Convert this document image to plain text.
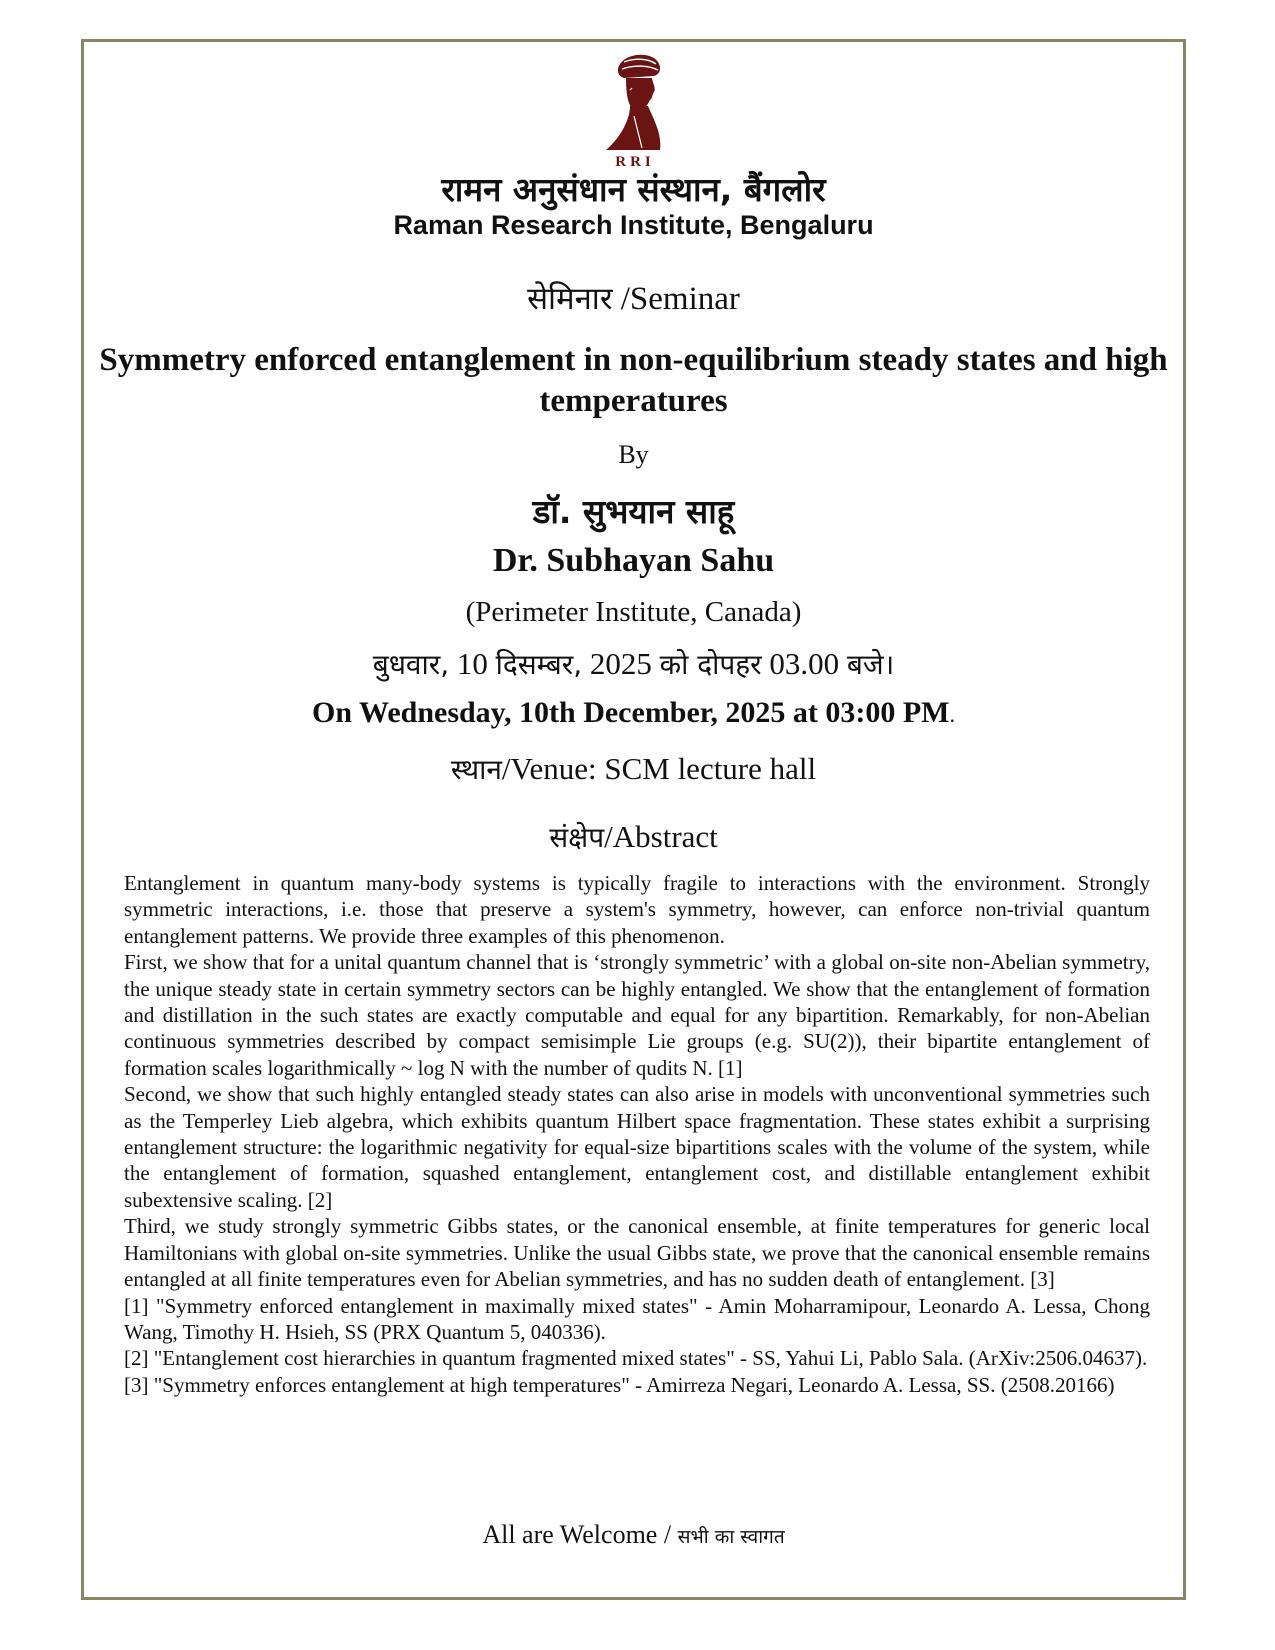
RRI
रामन अनुसंधान संस्थान, बैंगलोर
Raman Research Institute, Bengaluru
सेमिनार /Seminar
Symmetry enforced entanglement in non-equilibrium steady states and high temperatures
By
डॉ. सुभयान साहू
Dr. Subhayan Sahu
(Perimeter Institute, Canada)
बुधवार, 10 दिसम्बर, 2025 को दोपहर 03.00 बजे।
On Wednesday, 10th December, 2025 at 03:00 PM.
स्थान/Venue: SCM lecture hall
संक्षेप/Abstract

Entanglement in quantum many-body systems is typically fragile to interactions with the environment. Strongly symmetric interactions, i.e. those that preserve a system's symmetry, however, can enforce non-trivial quantum entanglement patterns. We provide three examples of this phenomenon.

First, we show that for a unital quantum channel that is ‘strongly symmetric’ with a global on-site non-Abelian symmetry, the unique steady state in certain symmetry sectors can be highly entangled. We show that the entanglement of formation and distillation in the such states are exactly computable and equal for any bipartition. Remarkably, for non-Abelian continuous symmetries described by compact semisimple Lie groups (e.g. SU(2)), their bipartite entanglement of formation scales logarithmically ~ log N with the number of qudits N. [1]

Second, we show that such highly entangled steady states can also arise in models with unconventional symmetries such as the Temperley Lieb algebra, which exhibits quantum Hilbert space fragmentation. These states exhibit a surprising entanglement structure: the logarithmic negativity for equal-size bipartitions scales with the volume of the system, while the entanglement of formation, squashed entanglement, entanglement cost, and distillable entanglement exhibit subextensive scaling. [2]

Third, we study strongly symmetric Gibbs states, or the canonical ensemble, at finite temperatures for generic local Hamiltonians with global on-site symmetries. Unlike the usual Gibbs state, we prove that the canonical ensemble remains entangled at all finite temperatures even for Abelian symmetries, and has no sudden death of entanglement. [3]

[1] "Symmetry enforced entanglement in maximally mixed states" - Amin Moharramipour, Leonardo A. Lessa, Chong Wang, Timothy H. Hsieh, SS (PRX Quantum 5, 040336).

[2] "Entanglement cost hierarchies in quantum fragmented mixed states" - SS, Yahui Li, Pablo Sala. (ArXiv:2506.04637).

[3] "Symmetry enforces entanglement at high temperatures" - Amirreza Negari, Leonardo A. Lessa, SS. (2508.20166)

All are Welcome / सभी का स्वागत
